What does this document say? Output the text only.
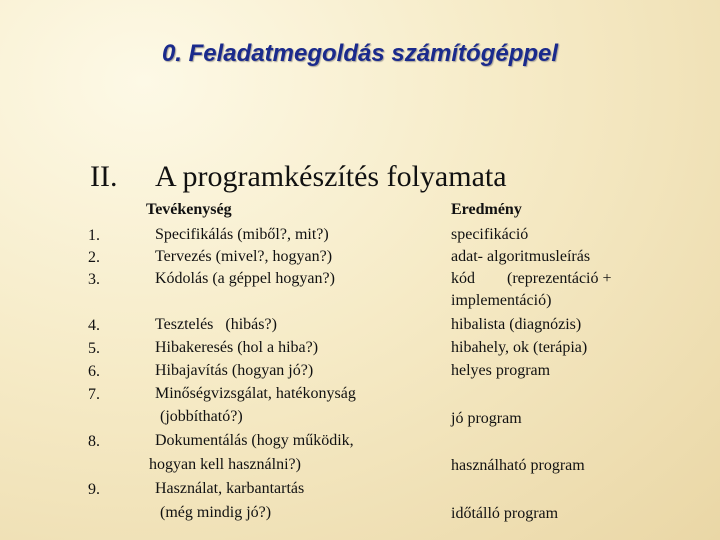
0. Feladatmegoldás számítógéppel
II. A programkészítés folyamata
Tevékenység	Eredmény
1.
2.
3.
4.
5.
6.
7.
8.
9.
Specifikálás (miből?, mit?)
Tervezés (mivel?, hogyan?)
Kódolás (a géppel hogyan?)
Tesztelés   (hibás?)
Hibakeresés (hol a hiba?)
Hibajavítás (hogyan jó?)
Minőségvizsgálat, hatékonyság
(jobbítható?)
Dokumentálás (hogy működik,
hogyan kell használni?)
Használat, karbantartás
(még mindig jó?)
specifikáció
adat- algoritmusleírás
kód        (reprezentáció +
implementáció)
hibalista (diagnózis)
hibahely, ok (terápia)
helyes program
jó program
használható program
időtálló program
